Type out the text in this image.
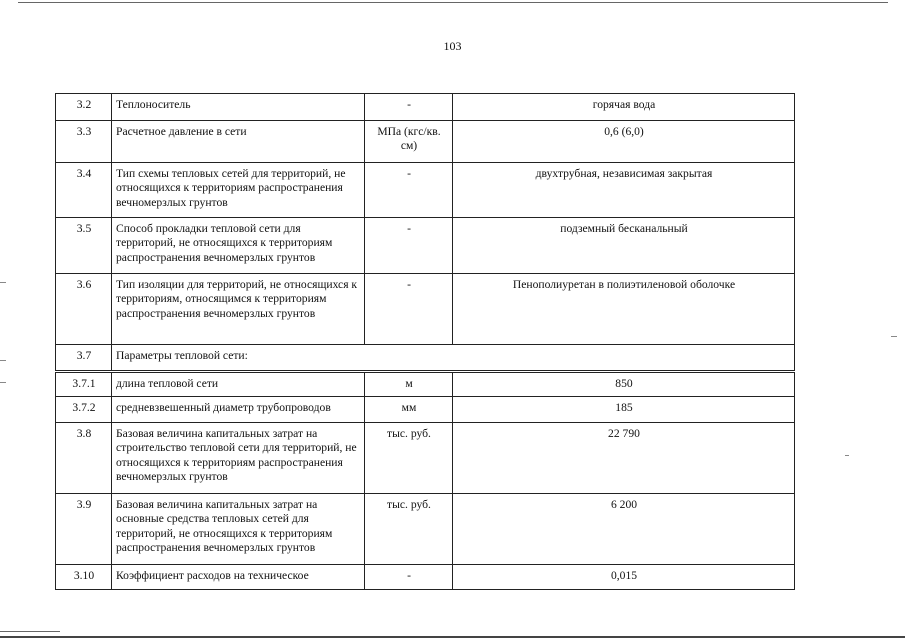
103
3.2	Теплоноситель	-	горячая вода
3.3	Расчетное давление в сети	МПа (кгс/кв. см)	0,6 (6,0)
3.4	Тип схемы тепловых сетей для территорий, не относящихся к территориям распространения вечномерзлых грунтов	-	двухтрубная, независимая закрытая
3.5	Способ прокладки тепловой сети для территорий, не относящихся к территориям распространения вечномерзлых грунтов	-	подземный бесканальный
3.6	Тип изоляции для территорий, не относящихся к территориям, относящимся к территориям распространения вечномерзлых грунтов	-	Пенополиуретан в полиэтиленовой оболочке
3.7	Параметры тепловой сети:		
3.7.1	длина тепловой сети	м	850
3.7.2	средневзвешенный диаметр трубопроводов	мм	185
3.8	Базовая величина капитальных затрат на строительство тепловой сети для территорий, не относящихся к территориям распространения вечномерзлых грунтов	тыс. руб.	22 790
3.9	Базовая величина капитальных затрат на основные средства тепловых сетей для территорий, не относящихся к территориям распространения вечномерзлых грунтов	тыс. руб.	6 200
3.10	Коэффициент расходов на техническое	-	0,015
